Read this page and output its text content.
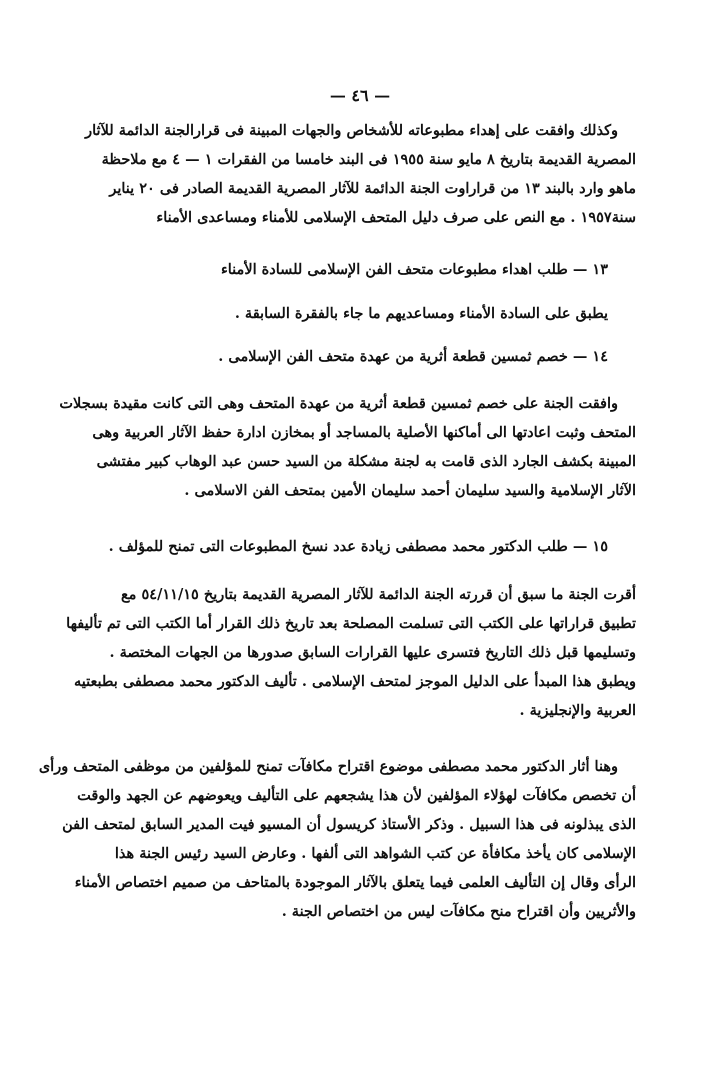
— ٤٦ —
وكذلك وافقت على إهداء مطبوعاته للأشخاص والجهات المبينة فى قرارالجنة الدائمة للآثار
المصرية القديمة بتاريخ ٨ مايو سنة ١٩٥٥ فى البند خامسا من الفقرات ١ — ٤ مع ملاحظة
ماهو وارد بالبند ١٣ من قراراوت الجنة الدائمة للآثار المصرية القديمة الصادر فى ٢٠ يناير
سنة١٩٥٧ . مع النص على صرف دليل المتحف الإسلامى للأمناء ومساعدى الأمناء
١٣ — طلب اهداء مطبوعات متحف الفن الإسلامى للسادة الأمناء
يطبق على السادة الأمناء ومساعديهم ما جاء بالفقرة السابقة .
١٤ — خصم ثمسين قطعة أثرية من عهدة متحف الفن الإسلامى .
وافقت الجنة على خصم ثمسين قطعة أثرية من عهدة المتحف وهى التى كانت مقيدة بسجلات
المتحف وثبت اعادتها الى أماكنها الأصلية بالمساجد أو بمخازن ادارة حفظ الآثار العربية وهى
المبينة بكشف الجارد الذى قامت به لجنة مشكلة من السيد حسن عبد الوهاب كبير مفتشى
الآثار الإسلامية والسيد سليمان أحمد سليمان الأمين بمتحف الفن الاسلامى .
١٥ — طلب الدكتور محمد مصطفى زيادة عدد نسخ المطبوعات التى تمنح للمؤلف .
أقرت الجنة ما سبق أن قررته الجنة الدائمة للآثار المصرية القديمة بتاريخ ٥٤/١١/١٥ مع
تطبيق قراراتها على الكتب التى تسلمت المصلحة بعد تاريخ ذلك القرار أما الكتب التى تم تأليفها
وتسليمها قبل ذلك التاريخ فتسرى عليها القرارات السابق صدورها من الجهات المختصة .
ويطبق هذا المبدأ على الدليل الموجز لمتحف الإسلامى . تأليف الدكتور محمد مصطفى بطبعتيه
العربية والإنجليزية .
وهنا أثار الدكتور محمد مصطفى موضوع اقتراح مكافآت تمنح للمؤلفين من موظفى المتحف ورأى
أن تخصص مكافآت لهؤلاء المؤلفين لأن هذا يشجعهم على التأليف ويعوضهم عن الجهد والوقت
الذى يبذلونه فى هذا السبيل . وذكر الأستاذ كريسول أن المسيو فيت المدير السابق لمتحف الفن
الإسلامى كان يأخذ مكافأة عن كتب الشواهد التى ألفها . وعارض السيد رئيس الجنة هذا
الرأى وقال إن التأليف العلمى فيما يتعلق بالآثار الموجودة بالمتاحف من صميم اختصاص الأمناء
والأثريين وأن اقتراح منح مكافآت ليس من اختصاص الجنة .
